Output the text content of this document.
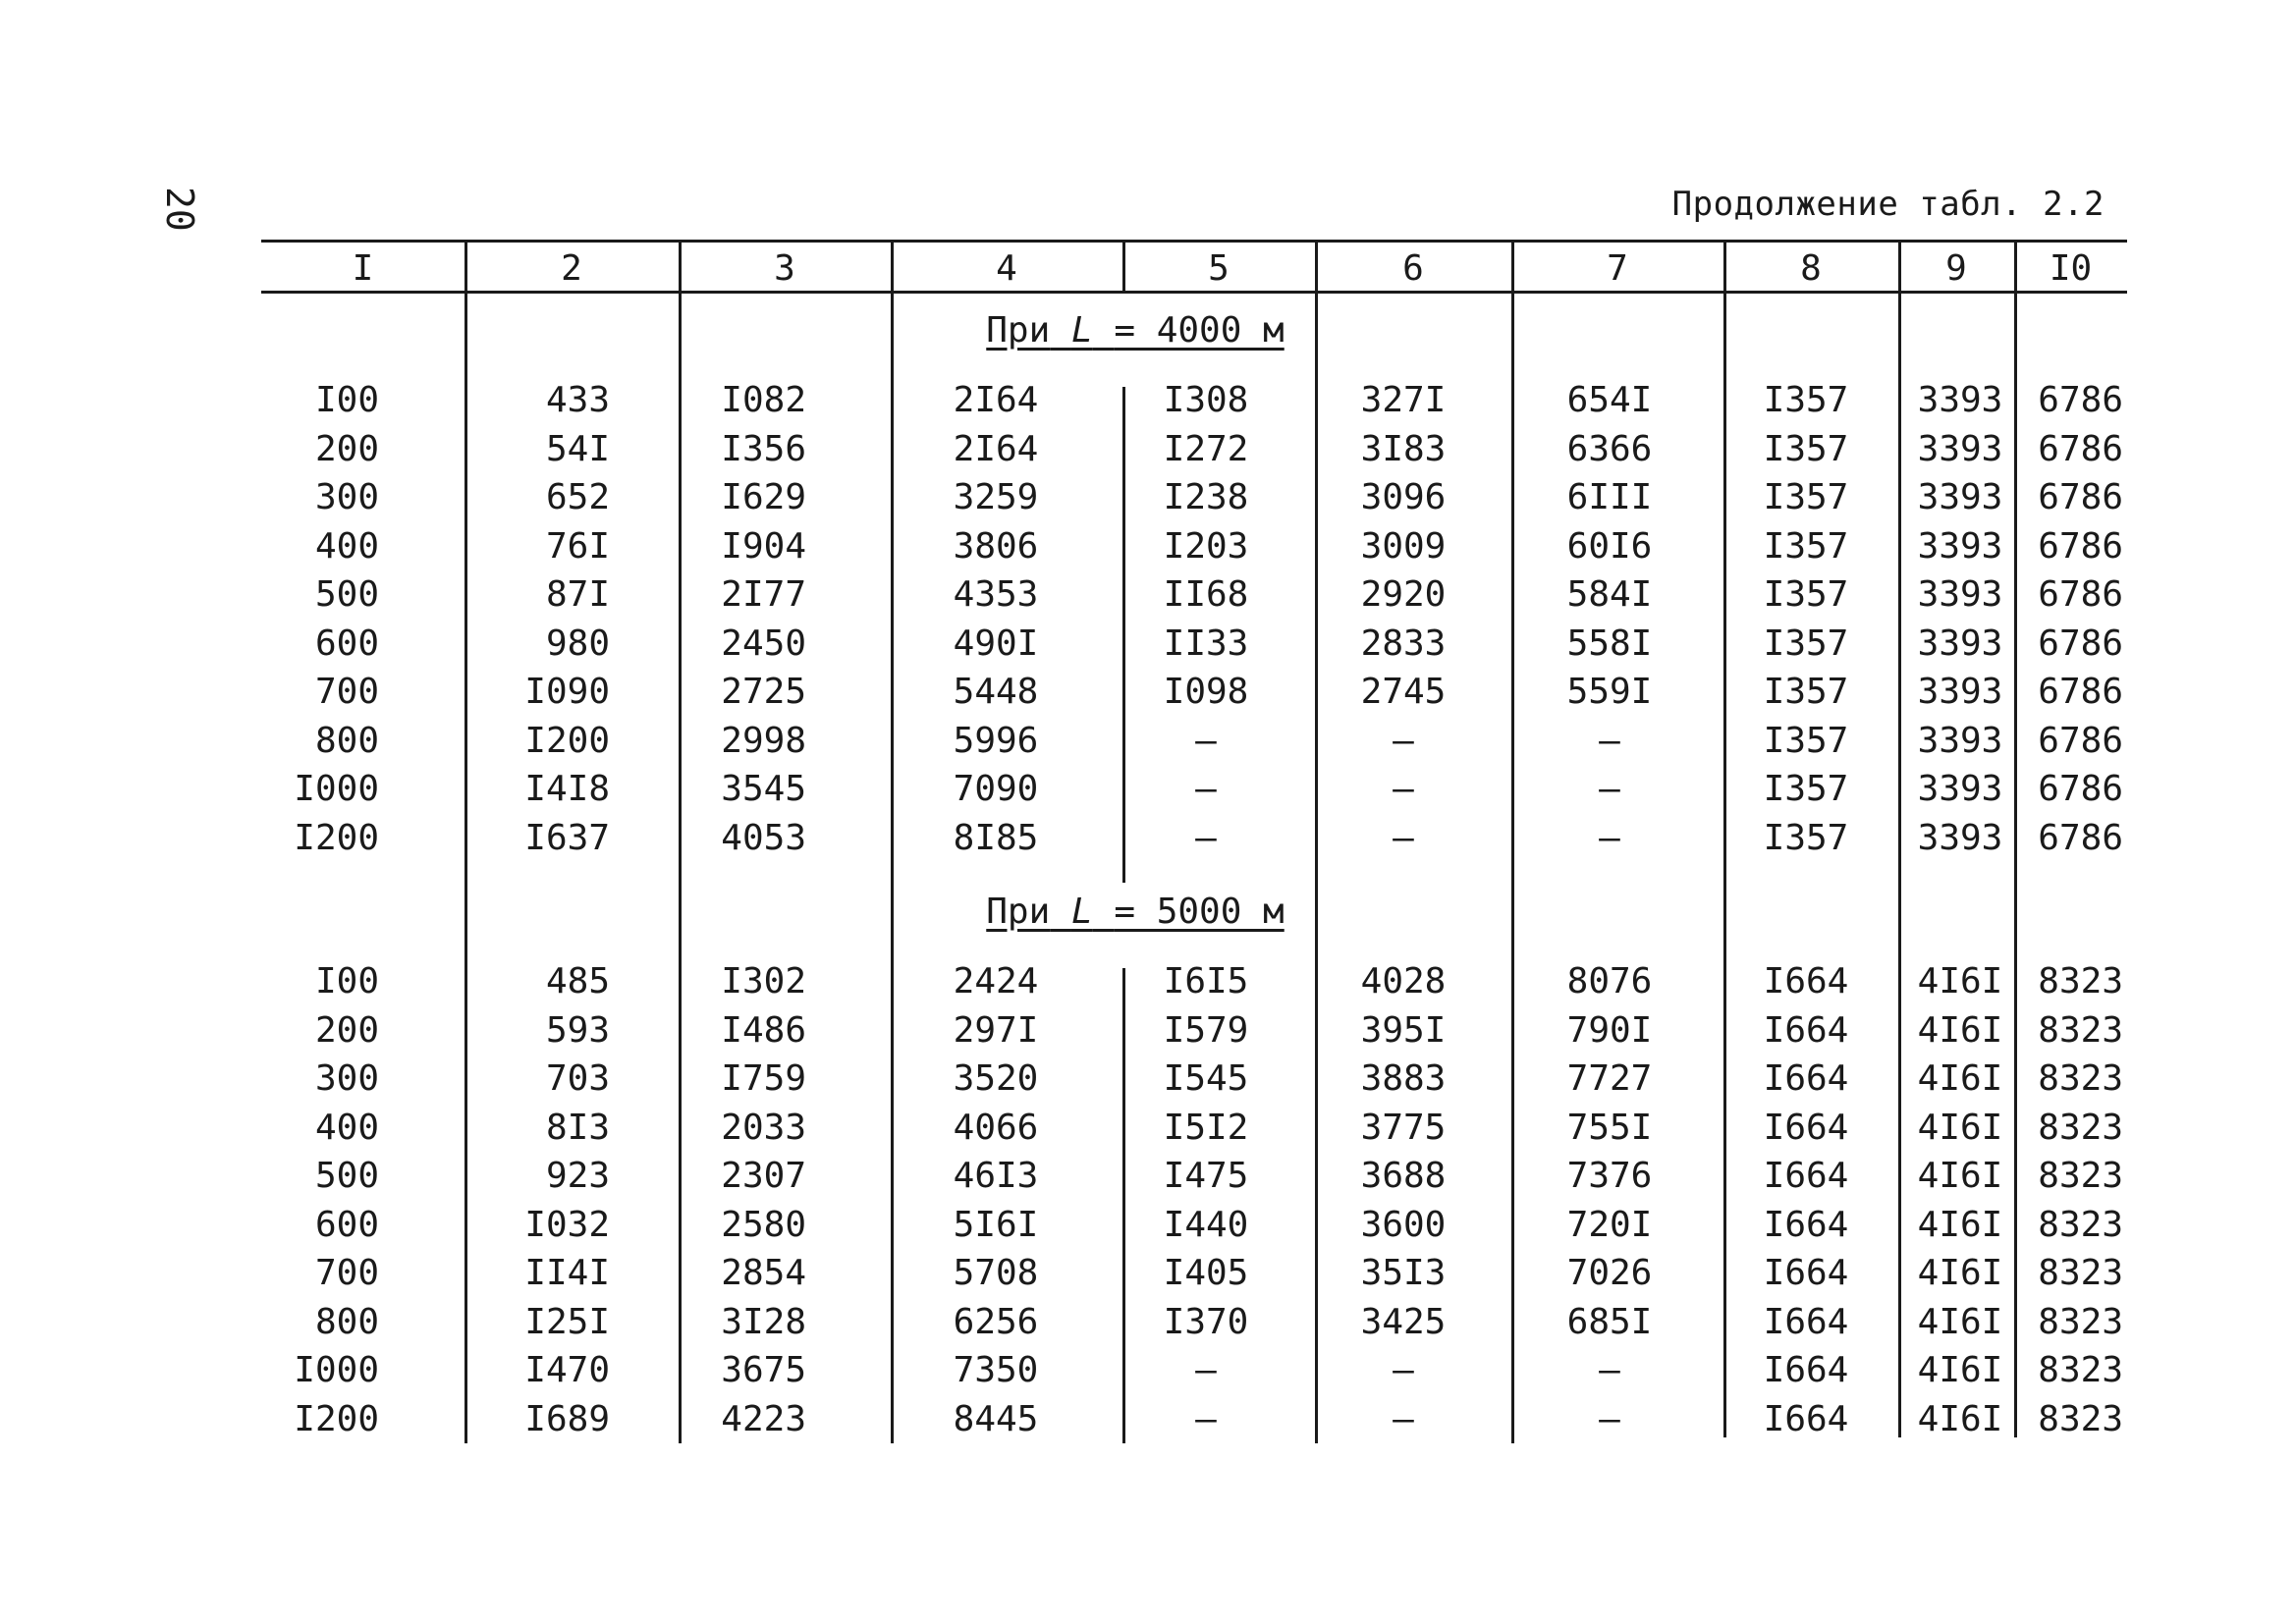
20	Продолжение табл. 2.2
I	2	3	4	5	6	7	8	9	I0
При L = 4000 м
При L = 5000 м
I00	433	I082	2I64	I308	327I	654I	I357	3393 6786
200	54I	I356	2I64	I272	3I83	6366	I357	3393 6786
300	652	I629	3259	I238	3096	6III	I357	3393 6786
400	76I	I904	3806	I203	3009	60I6	I357	3393 6786
500	87I	2I77	4353	II68	2920	584I	I357	3393 6786
600	980	2450	490I	II33	2833	558I	I357	3393 6786
700	I090	2725	5448	I098	2745	559I	I357	3393 6786
800	I200	2998	5996	–	–	–	I357	3393 6786
I000	I4I8	3545	7090	–	–	–	I357	3393 6786
I200	I637	4053	8I85	–	–	–	I357	3393 6786
I00	485	I302	2424	I6I5	4028	8076	I664	4I6I 8323
200	593	I486	297I	I579	395I	790I	I664	4I6I 8323
300	703	I759	3520	I545	3883	7727	I664	4I6I 8323
400	8I3	2033	4066	I5I2	3775	755I	I664	4I6I 8323
500	923	2307	46I3	I475	3688	7376	I664	4I6I 8323
600	I032	2580	5I6I	I440	3600	720I	I664	4I6I 8323
700	II4I	2854	5708	I405	35I3	7026	I664	4I6I 8323
800	I25I	3I28	6256	I370	3425	685I	I664	4I6I 8323
I000	I470	3675	7350	–	–	–	I664	4I6I 8323
I200	I689	4223	8445	–	–	–	I664	4I6I 8323
